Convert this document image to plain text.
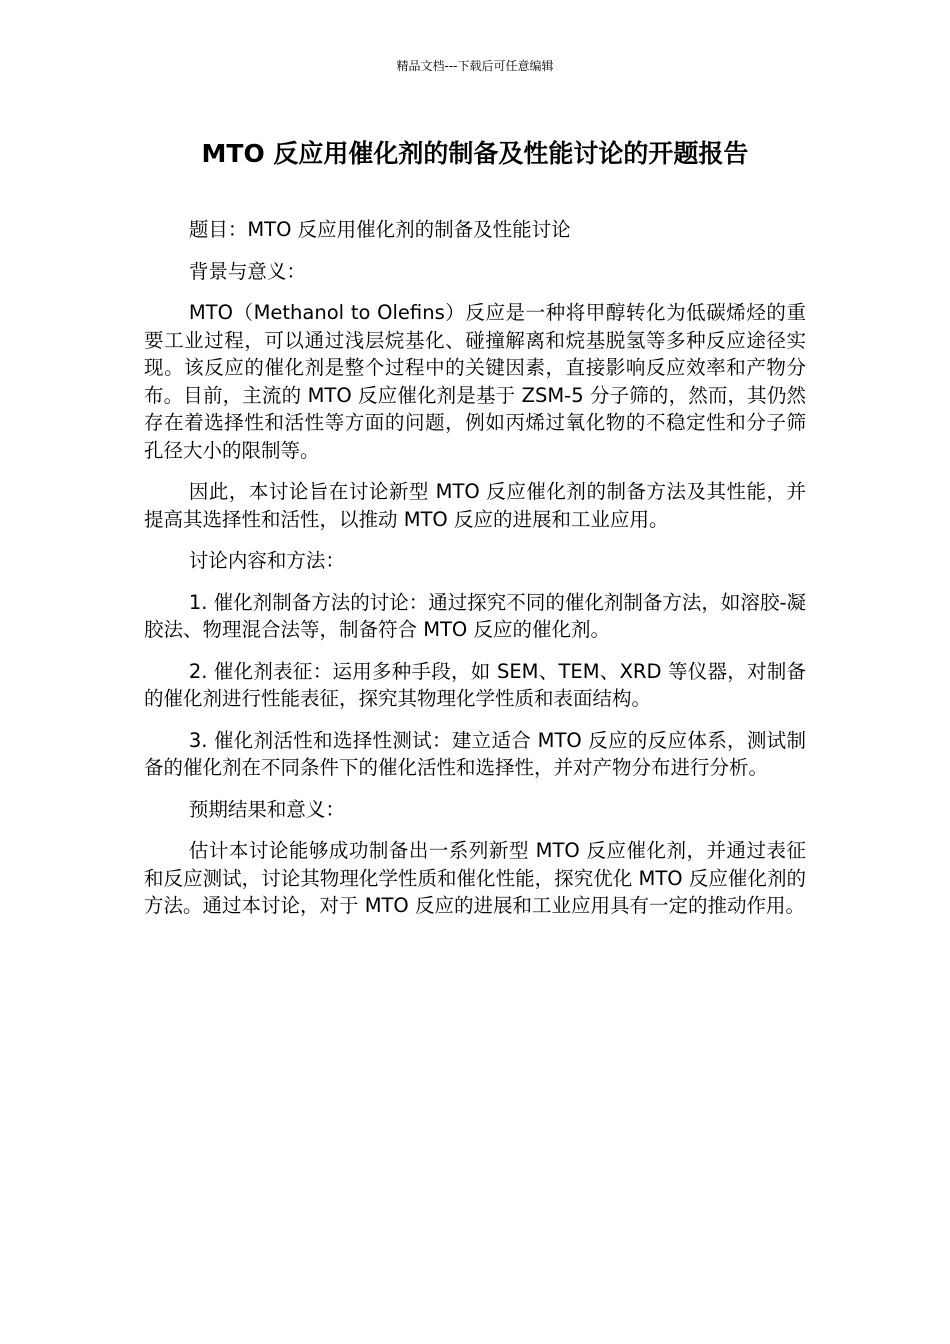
精品文档---下载后可任意编辑
MTO 反应用催化剂的制备及性能讨论的开题报告

题目：MTO 反应用催化剂的制备及性能讨论

背景与意义：

MTO（Methanol to Olefins）反应是一种将甲醇转化为低碳烯烃的重要工业过程，可以通过浅层烷基化、碰撞解离和烷基脱氢等多种反应途径实现。该反应的催化剂是整个过程中的关键因素，直接影响反应效率和产物分布。目前，主流的 MTO 反应催化剂是基于 ZSM-5 分子筛的，然而，其仍然存在着选择性和活性等方面的问题，例如丙烯过氧化物的不稳定性和分子筛孔径大小的限制等。

因此，本讨论旨在讨论新型 MTO 反应催化剂的制备方法及其性能，并提高其选择性和活性，以推动 MTO 反应的进展和工业应用。

讨论内容和方法：

1. 催化剂制备方法的讨论：通过探究不同的催化剂制备方法，如溶胶-凝胶法、物理混合法等，制备符合 MTO 反应的催化剂。

2. 催化剂表征：运用多种手段，如 SEM、TEM、XRD 等仪器，对制备的催化剂进行性能表征，探究其物理化学性质和表面结构。

3. 催化剂活性和选择性测试：建立适合 MTO 反应的反应体系，测试制备的催化剂在不同条件下的催化活性和选择性，并对产物分布进行分析。

预期结果和意义：

估计本讨论能够成功制备出一系列新型 MTO 反应催化剂，并通过表征和反应测试，讨论其物理化学性质和催化性能，探究优化 MTO 反应催化剂的方法。通过本讨论，对于 MTO 反应的进展和工业应用具有一定的推动作用。
